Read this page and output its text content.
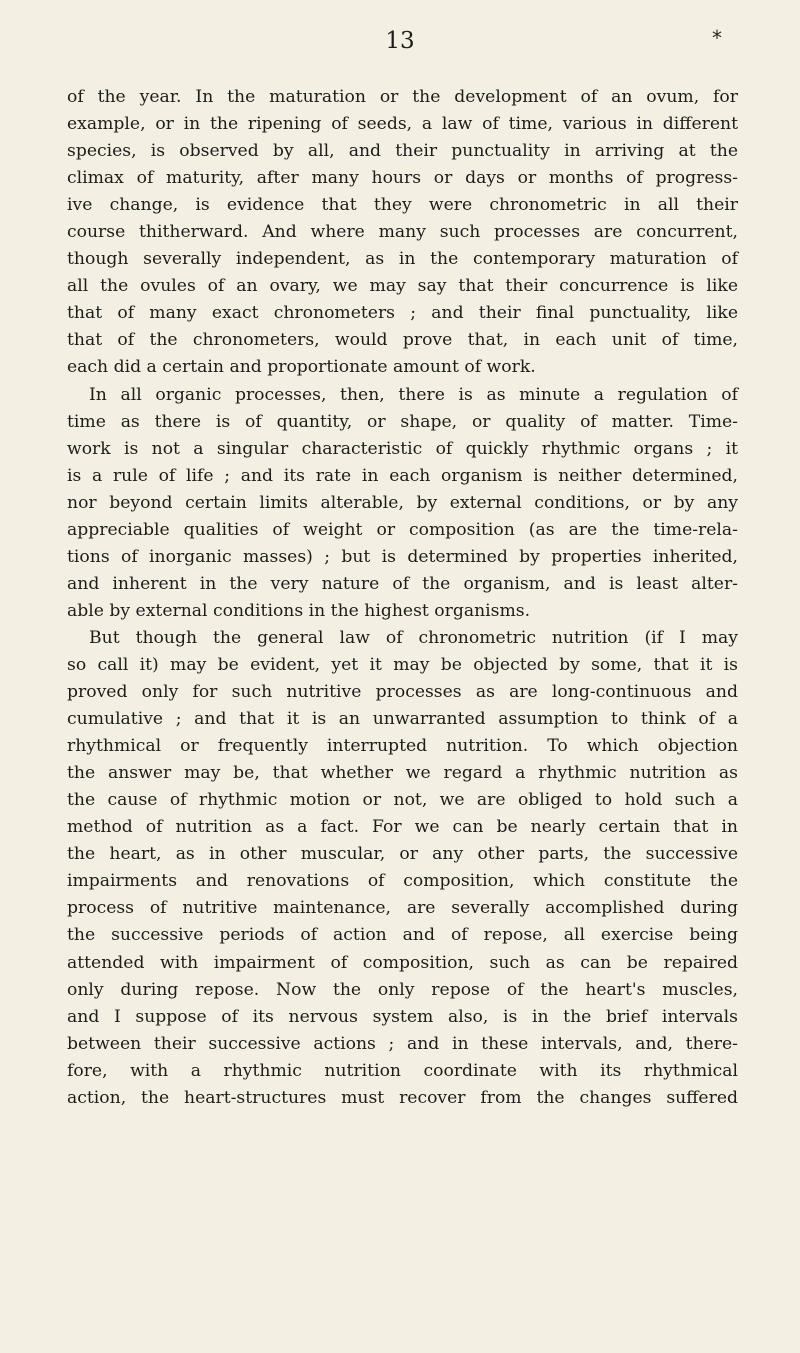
13	*
of the year. In the maturation or the development of an ovum, for
example, or in the ripening of seeds, a law of time, various in different
species, is observed by all, and their punctuality in arriving at the
climax of maturity, after many hours or days or months of progress-
ive change, is evidence that they were chronometric in all their
course thitherward. And where many such processes are concurrent,
though severally independent, as in the contemporary maturation of
all the ovules of an ovary, we may say that their concurrence is like
that of many exact chronometers ; and their final punctuality, like
that of the chronometers, would prove that, in each unit of time,
each did a certain and proportionate amount of work.
In all organic processes, then, there is as minute a regulation of
time as there is of quantity, or shape, or quality of matter. Time-
work is not a singular characteristic of quickly rhythmic organs ; it
is a rule of life ; and its rate in each organism is neither determined,
nor beyond certain limits alterable, by external conditions, or by any
appreciable qualities of weight or composition (as are the time-rela-
tions of inorganic masses) ; but is determined by properties inherited,
and inherent in the very nature of the organism, and is least alter-
able by external conditions in the highest organisms.
But though the general law of chronometric nutrition (if I may
so call it) may be evident, yet it may be objected by some, that it is
proved only for such nutritive processes as are long-continuous and
cumulative ; and that it is an unwarranted assumption to think of a
rhythmical or frequently interrupted nutrition. To which objection
the answer may be, that whether we regard a rhythmic nutrition as
the cause of rhythmic motion or not, we are obliged to hold such a
method of nutrition as a fact. For we can be nearly certain that in
the heart, as in other muscular, or any other parts, the successive
impairments and renovations of composition, which constitute the
process of nutritive maintenance, are severally accomplished during
the successive periods of action and of repose, all exercise being
attended with impairment of composition, such as can be repaired
only during repose. Now the only repose of the heart's muscles,
and I suppose of its nervous system also, is in the brief intervals
between their successive actions ; and in these intervals, and, there-
fore, with a rhythmic nutrition coordinate with its rhythmical
action, the heart-structures must recover from the changes suffered
